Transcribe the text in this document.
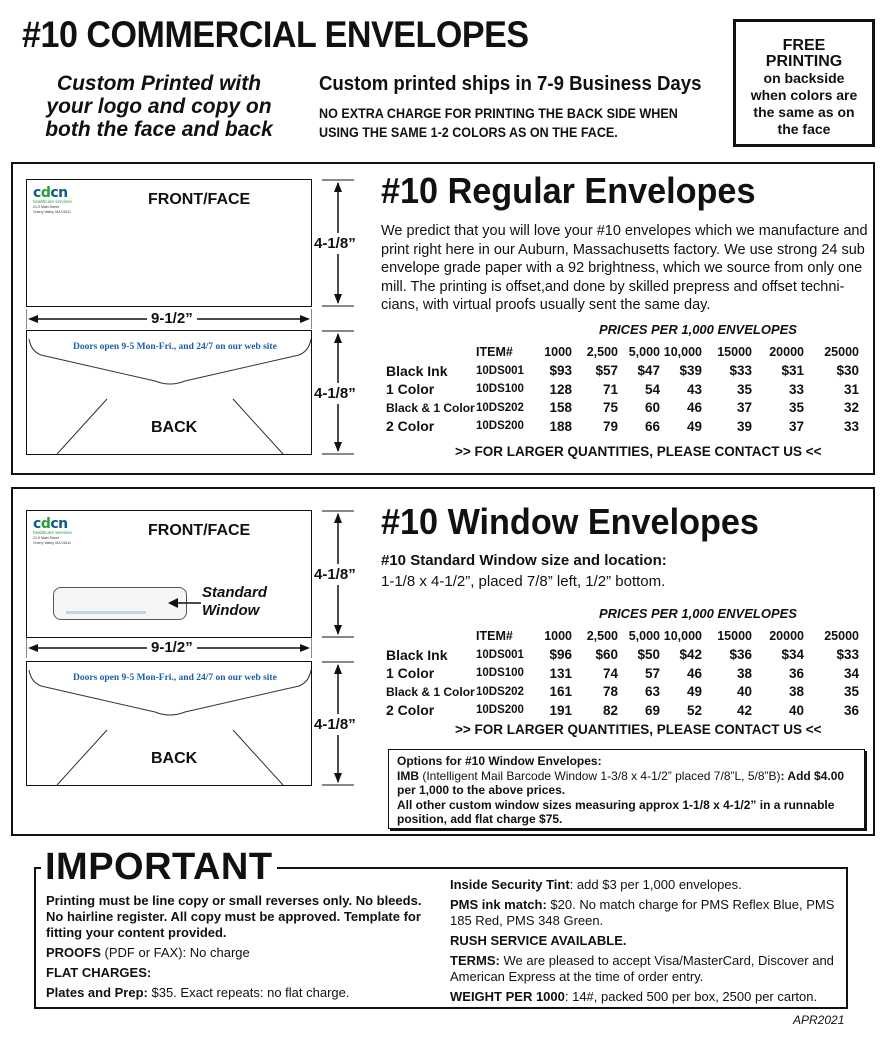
#10 COMMERCIAL ENVELOPES
Custom Printed with
your logo and copy on
both the face and back
Custom printed ships in 7-9 Business Days
NO EXTRA CHARGE FOR PRINTING THE BACK SIDE WHEN
USING THE SAME 1-2 COLORS AS ON THE FACE.
FREE
PRINTING
on backside
when colors are
the same as on
the face
cdcn
healthcare services
21-9 Main Street
Cherry Valley, MA 01611
FRONT/FACE
9-1/2”
Doors open 9-5 Mon-Fri., and 24/7 on our web site
BACK
4-1/8”
4-1/8”
#10 Regular Envelopes
We predict that you will love your #10 envelopes which we manufacture and
print right here in our Auburn, Massachusetts factory. We use strong 24 sub
envelope grade paper with a 92 brightness, which we source from only one
mill. The printing is offset,and done by skilled prepress and offset techni-
cians, with virtual proofs usually sent the same day.
PRICES PER 1,000 ENVELOPES
	ITEM#	1000	2,500	5,000	10,000	15000	20000	25000
Black Ink	10DS001	$93	$57	$47	$39	$33	$31	$30
1 Color	10DS100	128	71	54	43	35	33	31
Black & 1 Color	10DS202	158	75	60	46	37	35	32
2 Color	10DS200	188	79	66	49	39	37	33
>> FOR LARGER QUANTITIES, PLEASE CONTACT US <<
cdcn
healthcare services
21-9 Main Street
Cherry Valley, MA 01611
FRONT/FACE
Standard
Window
9-1/2”
Doors open 9-5 Mon-Fri., and 24/7 on our web site
BACK
4-1/8”
4-1/8”
#10 Window Envelopes
#10 Standard Window size and location:
1-1/8 x 4-1/2”, placed 7/8” left, 1/2” bottom.
PRICES PER 1,000 ENVELOPES
	ITEM#	1000	2,500	5,000	10,000	15000	20000	25000
Black Ink	10DS001	$96	$60	$50	$42	$36	$34	$33
1 Color	10DS100	131	74	57	46	38	36	34
Black & 1 Color	10DS202	161	78	63	49	40	38	35
2 Color	10DS200	191	82	69	52	42	40	36
>> FOR LARGER QUANTITIES, PLEASE CONTACT US <<
Options for #10 Window Envelopes:
IMB (Intelligent Mail Barcode Window 1-3/8 x 4-1/2” placed 7/8”L, 5/8”B): Add $4.00 per 1,000 to the above prices.
All other custom window sizes measuring approx 1-1/8 x 4-1/2” in a runnable position, add flat charge $75.
IMPORTANT

Printing must be line copy or small reverses only. No bleeds. No hairline register. All copy must be approved. Template for fitting your content provided.

PROOFS (PDF or FAX): No charge

FLAT CHARGES:

Plates and Prep: $35. Exact repeats: no flat charge.

Inside Security Tint: add $3 per 1,000 envelopes.

PMS ink match: $20. No match charge for PMS Reflex Blue, PMS 185 Red, PMS 348 Green.

RUSH SERVICE AVAILABLE.

TERMS: We are pleased to accept Visa/MasterCard, Discover and American Express at the time of order entry.

WEIGHT PER 1000: 14#, packed 500 per box, 2500 per carton.

APR2021
